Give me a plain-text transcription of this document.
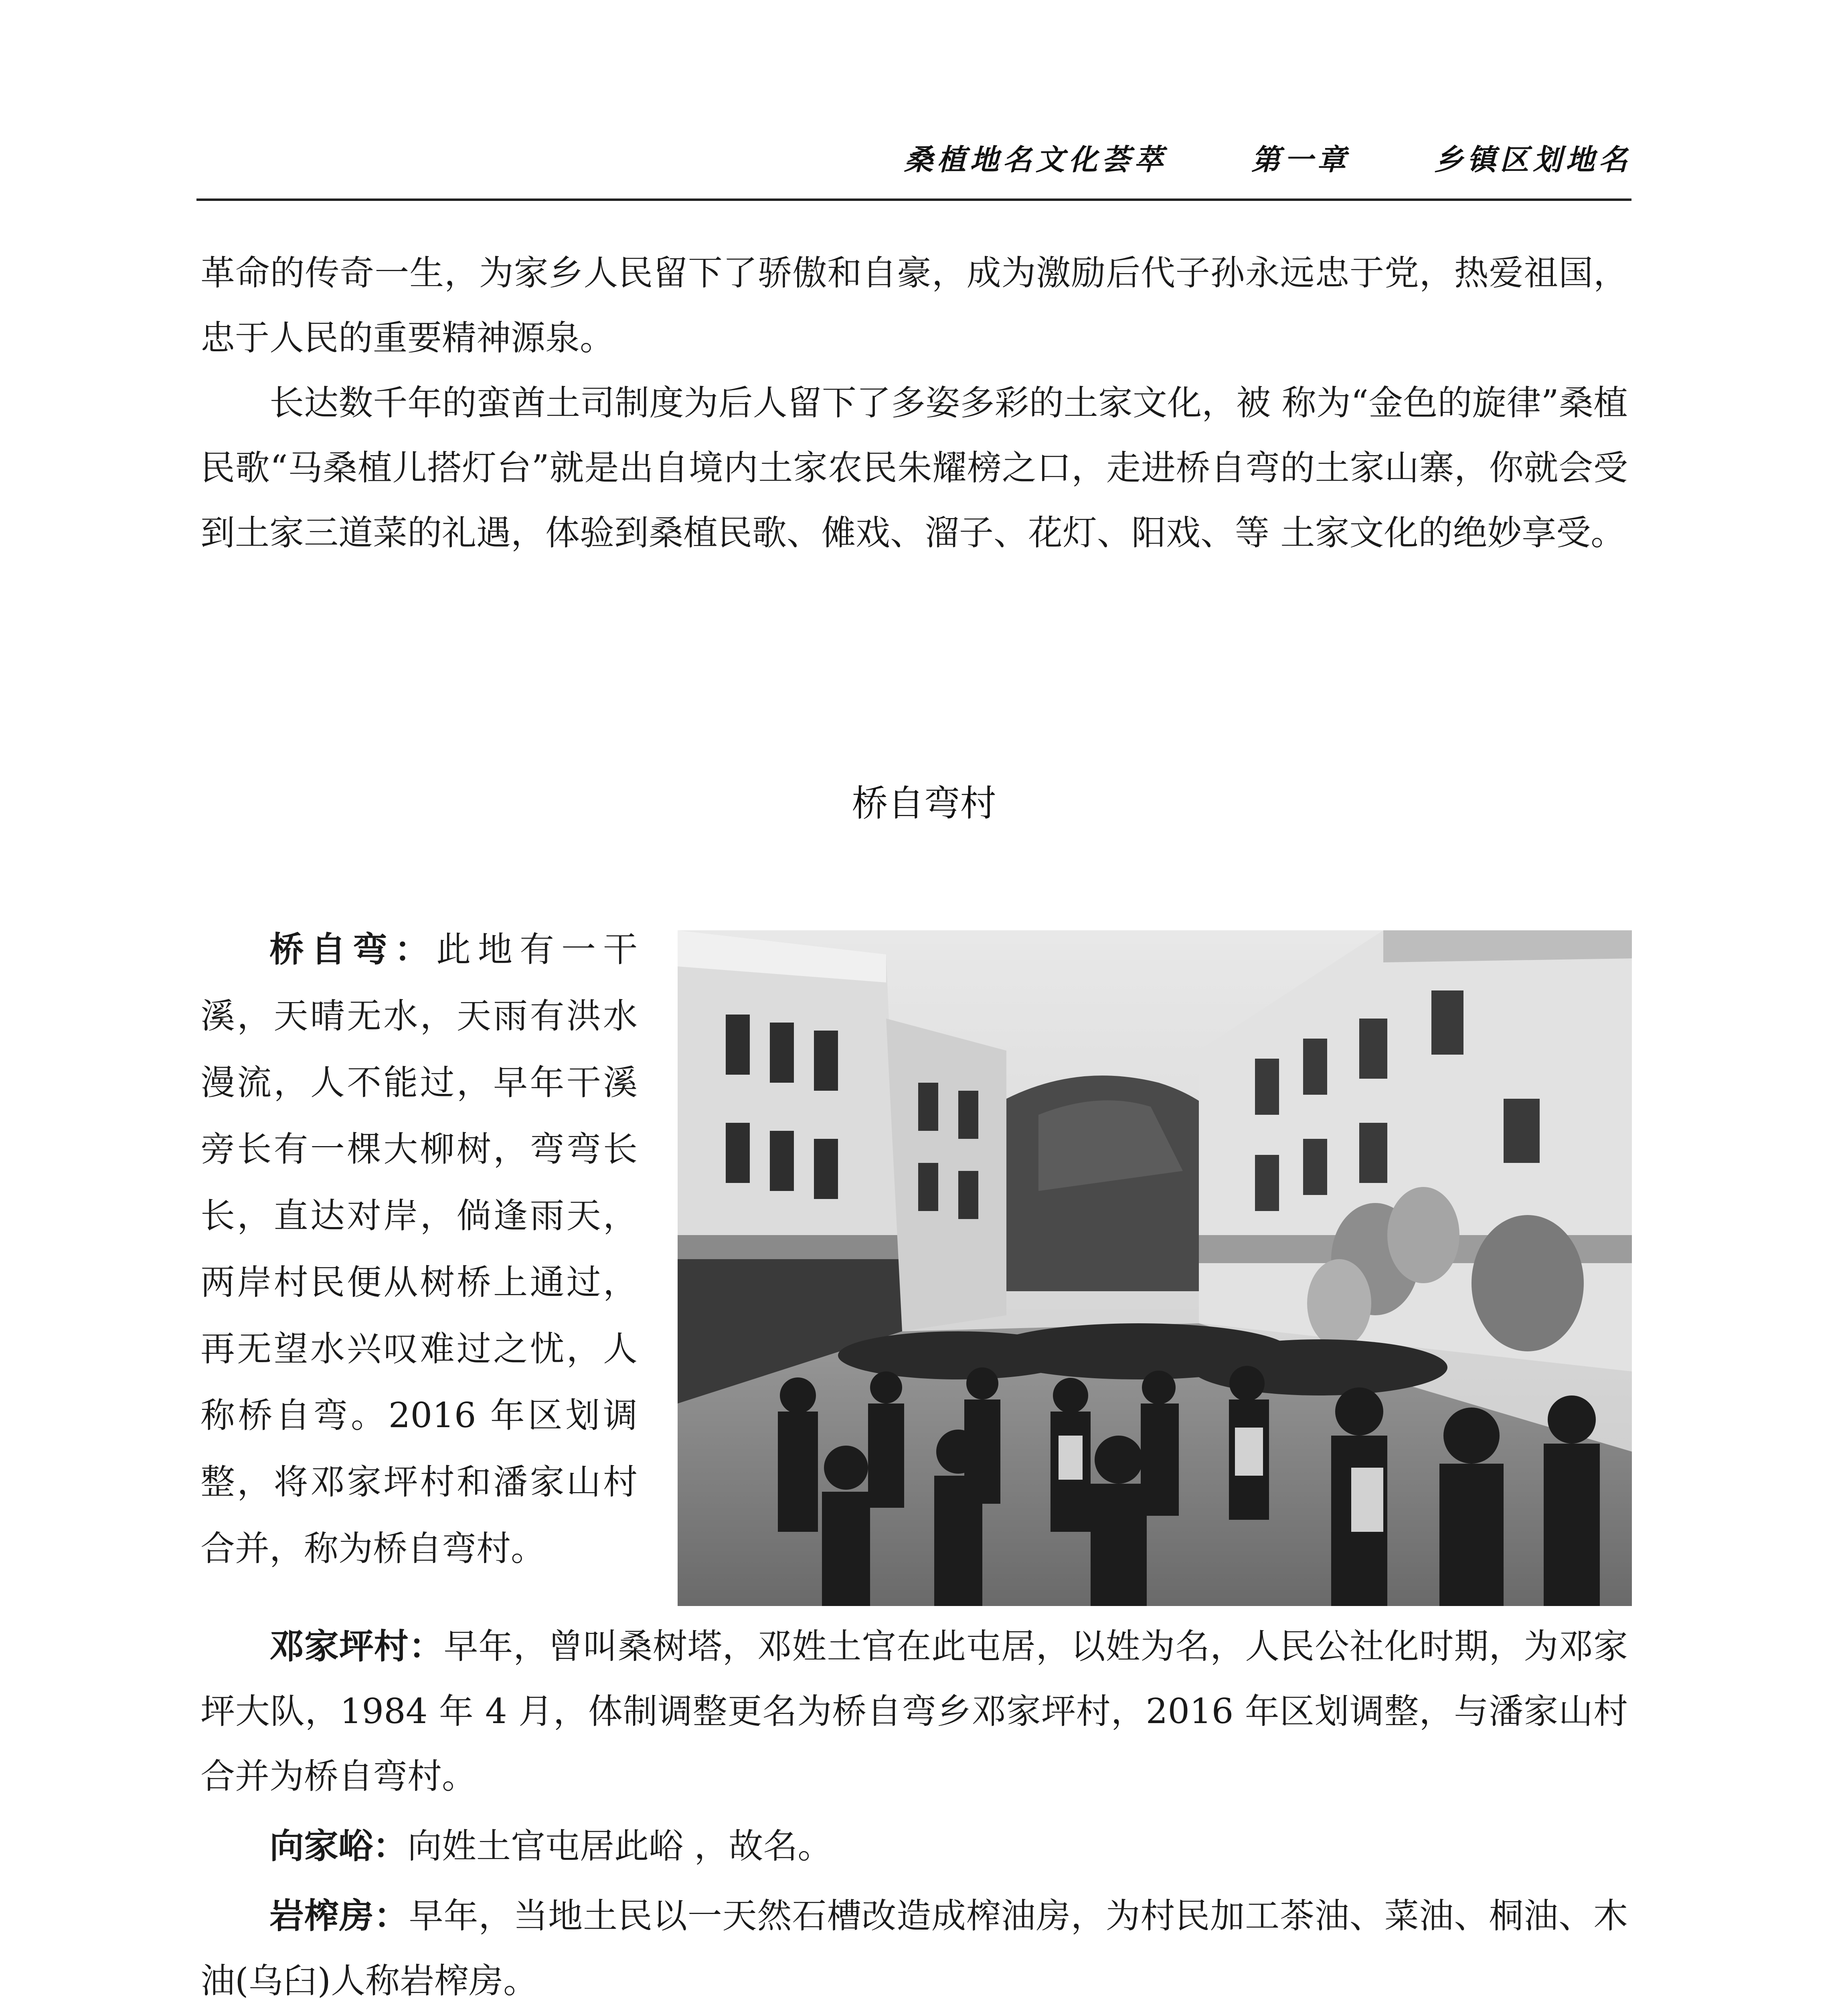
桑植地名文化荟萃	第一章	乡镇区划地名

革命的传奇一生，为家乡人民留下了骄傲和自豪，成为激励后代子孙永远忠于党，热爱祖国，忠于人民的重要精神源泉。

长达数千年的蛮酋土司制度为后人留下了多姿多彩的土家文化，被 称为“金色的旋律”桑植民歌“马桑植儿搭灯台”就是出自境内土家农民朱耀榜之口，走进桥自弯的土家山寨，你就会受到土家三道菜的礼遇，体验到桑植民歌、傩戏、溜子、花灯、阳戏、等 土家文化的绝妙享受。

桥自弯村

桥自弯：此地有一干溪，天晴无水，天雨有洪水漫流，人不能过，早年干溪旁长有一棵大柳树，弯弯长长，直达对岸，倘逢雨天，两岸村民便从树桥上通过，再无望水兴叹难过之忧，人称桥自弯。2016 年区划调整，将邓家坪村和潘家山村合并，称为桥自弯村。

邓家坪村：早年，曾叫桑树塔，邓姓土官在此屯居，以姓为名，人民公社化时期，为邓家坪大队，1984 年 4 月，体制调整更名为桥自弯乡邓家坪村，2016 年区划调整，与潘家山村合并为桥自弯村。

向家峪：向姓土官屯居此峪 ，故名。

岩榨房：早年，当地土民以一天然石槽改造成榨油房，为村民加工茶油、菜油、桐油、木油(乌臼)人称岩榨房。
